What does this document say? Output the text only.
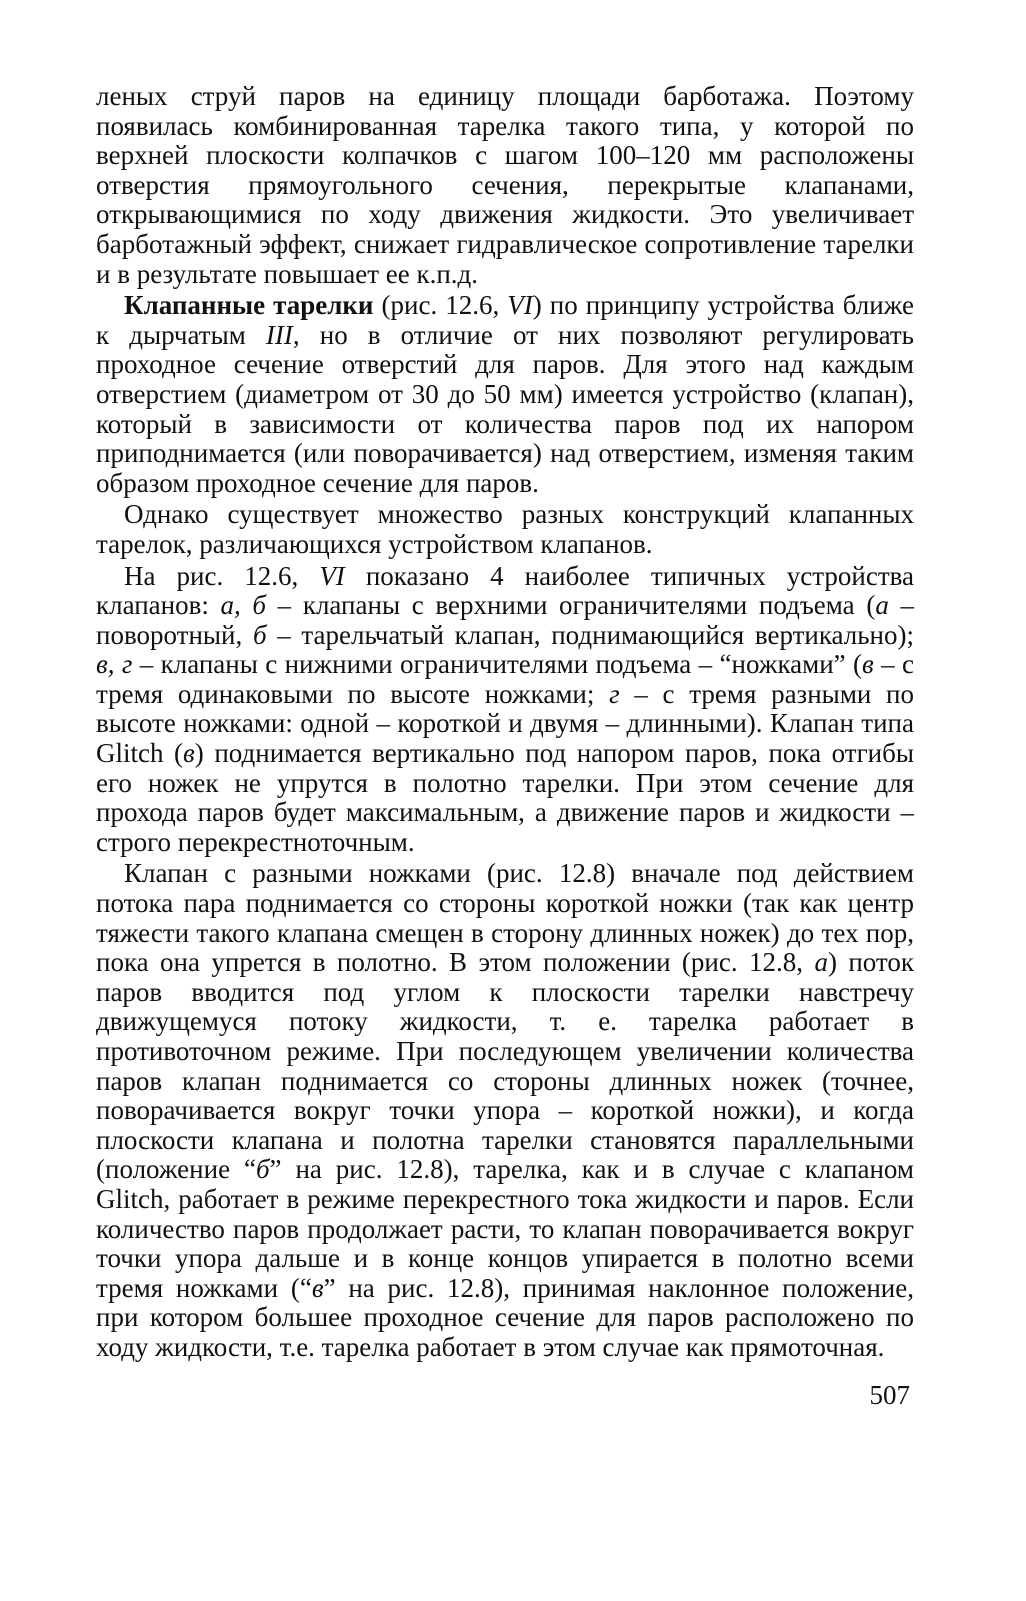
леных струй паров на единицу площади барботажа. Поэтому появилась комбинированная тарелка такого типа, у которой по верхней плоскости колпачков с шагом 100–120 мм расположены отверстия прямоугольного сечения, перекрытые клапанами, открывающимися по ходу движения жидкости. Это увеличивает барботажный эффект, снижает гидравлическое сопротивление тарелки и в результате повышает ее к.п.д.

Клапанные тарелки (рис. 12.6, VI) по принципу устройства ближе к дырчатым III, но в отличие от них позволяют регулировать проходное сечение отверстий для паров. Для этого над каждым отверстием (диаметром от 30 до 50 мм) имеется устройство (клапан), который в зависимости от количества паров под их напором приподнимается (или поворачивается) над отверстием, изменяя таким образом проходное сечение для паров.

Однако существует множество разных конструкций клапанных тарелок, различающихся устройством клапанов.

На рис. 12.6, VI показано 4 наиболее типичных устройства клапанов: а, б – клапаны с верхними ограничителями подъема (а – поворотный, б – тарельчатый клапан, поднимающийся вертикально); в, г – клапаны с нижними ограничителями подъема – “ножками” (в – с тремя одинаковыми по высоте ножками; г – с тремя разными по высоте ножками: одной – короткой и двумя – длинными). Клапан типа Glitch (в) поднимается вертикально под напором паров, пока отгибы его ножек не упрутся в полотно тарелки. При этом сечение для прохода паров будет максимальным, а движение паров и жидкости – строго перекрестноточным.

Клапан с разными ножками (рис. 12.8) вначале под действием потока пара поднимается со стороны короткой ножки (так как центр тяжести такого клапана смещен в сторону длинных ножек) до тех пор, пока она упрется в полотно. В этом положении (рис. 12.8, а) поток паров вводится под углом к плоскости тарелки навстречу движущемуся потоку жидкости, т. е. тарелка работает в противоточном режиме. При последующем увеличении количества паров клапан поднимается со стороны длинных ножек (точнее, поворачивается вокруг точки упора – короткой ножки), и когда плоскости клапана и полотна тарелки становятся параллельными (положение “б” на рис. 12.8), тарелка, как и в случае с клапаном Glitch, работает в режиме перекрестного тока жидкости и паров. Если количество паров продолжает расти, то клапан поворачивается вокруг точки упора дальше и в конце концов упирается в полотно всеми тремя ножками (“в” на рис. 12.8), принимая наклонное положение, при котором большее проходное сечение для паров расположено по ходу жидкости, т.е. тарелка работает в этом случае как прямоточная.

507
